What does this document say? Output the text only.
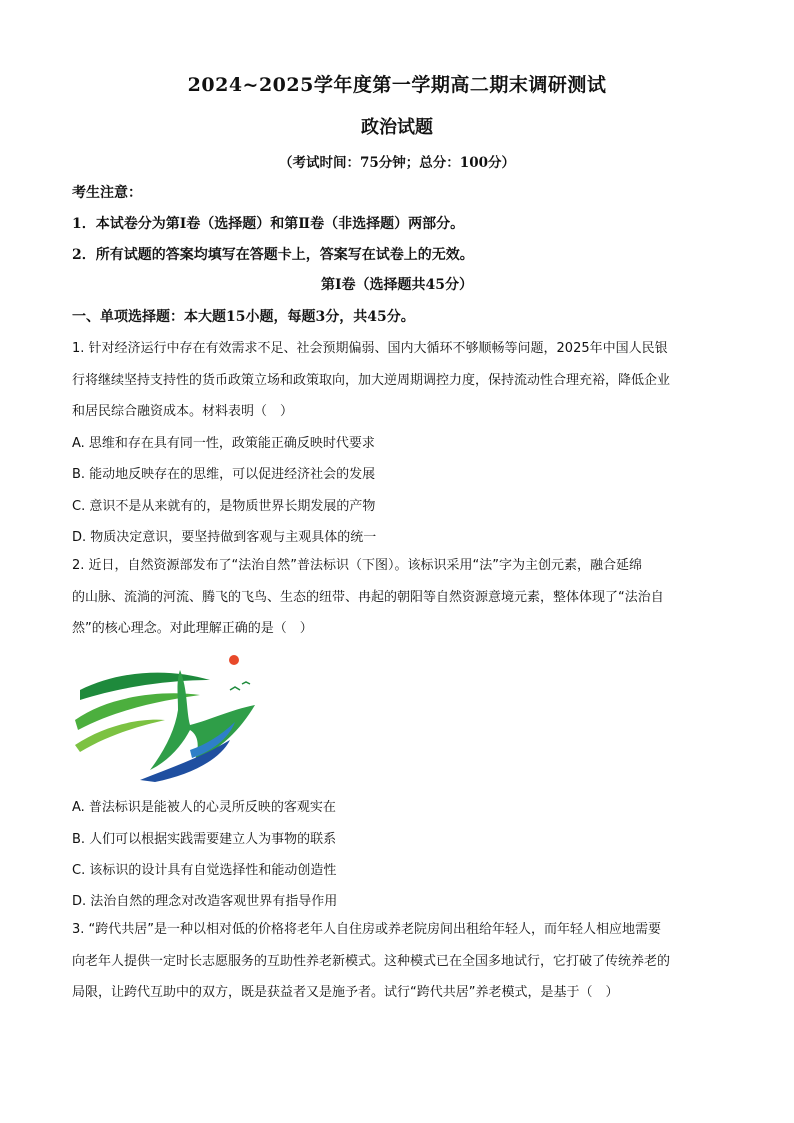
2024~2025学年度第一学期高二期末调研测试
政治试题
（考试时间：75分钟；总分：100分）
考生注意：
1．本试卷分为第Ⅰ卷（选择题）和第Ⅱ卷（非选择题）两部分。
2．所有试题的答案均填写在答题卡上，答案写在试卷上的无效。
第Ⅰ卷（选择题共45分）
一、单项选择题：本大题15小题，每题3分，共45分。
1. 针对经济运行中存在有效需求不足、社会预期偏弱、国内大循环不够顺畅等问题，2025年中国人民银
行将继续坚持支持性的货币政策立场和政策取向，加大逆周期调控力度，保持流动性合理充裕，降低企业
和居民综合融资成本。材料表明（　）
A. 思维和存在具有同一性，政策能正确反映时代要求
B. 能动地反映存在的思维，可以促进经济社会的发展
C. 意识不是从来就有的，是物质世界长期发展的产物
D. 物质决定意识，要坚持做到客观与主观具体的统一
2. 近日，自然资源部发布了“法治自然”普法标识（下图）。该标识采用“法”字为主创元素，融合延绵
的山脉、流淌的河流、腾飞的飞鸟、生态的纽带、冉起的朝阳等自然资源意境元素，整体体现了“法治自
然”的核心理念。对此理解正确的是（　）
A. 普法标识是能被人的心灵所反映的客观实在
B. 人们可以根据实践需要建立人为事物的联系
C. 该标识的设计具有自觉选择性和能动创造性
D. 法治自然的理念对改造客观世界有指导作用
3. “跨代共居”是一种以相对低的价格将老年人自住房或养老院房间出租给年轻人，而年轻人相应地需要
向老年人提供一定时长志愿服务的互助性养老新模式。这种模式已在全国多地试行，它打破了传统养老的
局限，让跨代互助中的双方，既是获益者又是施予者。试行“跨代共居”养老模式，是基于（　）
